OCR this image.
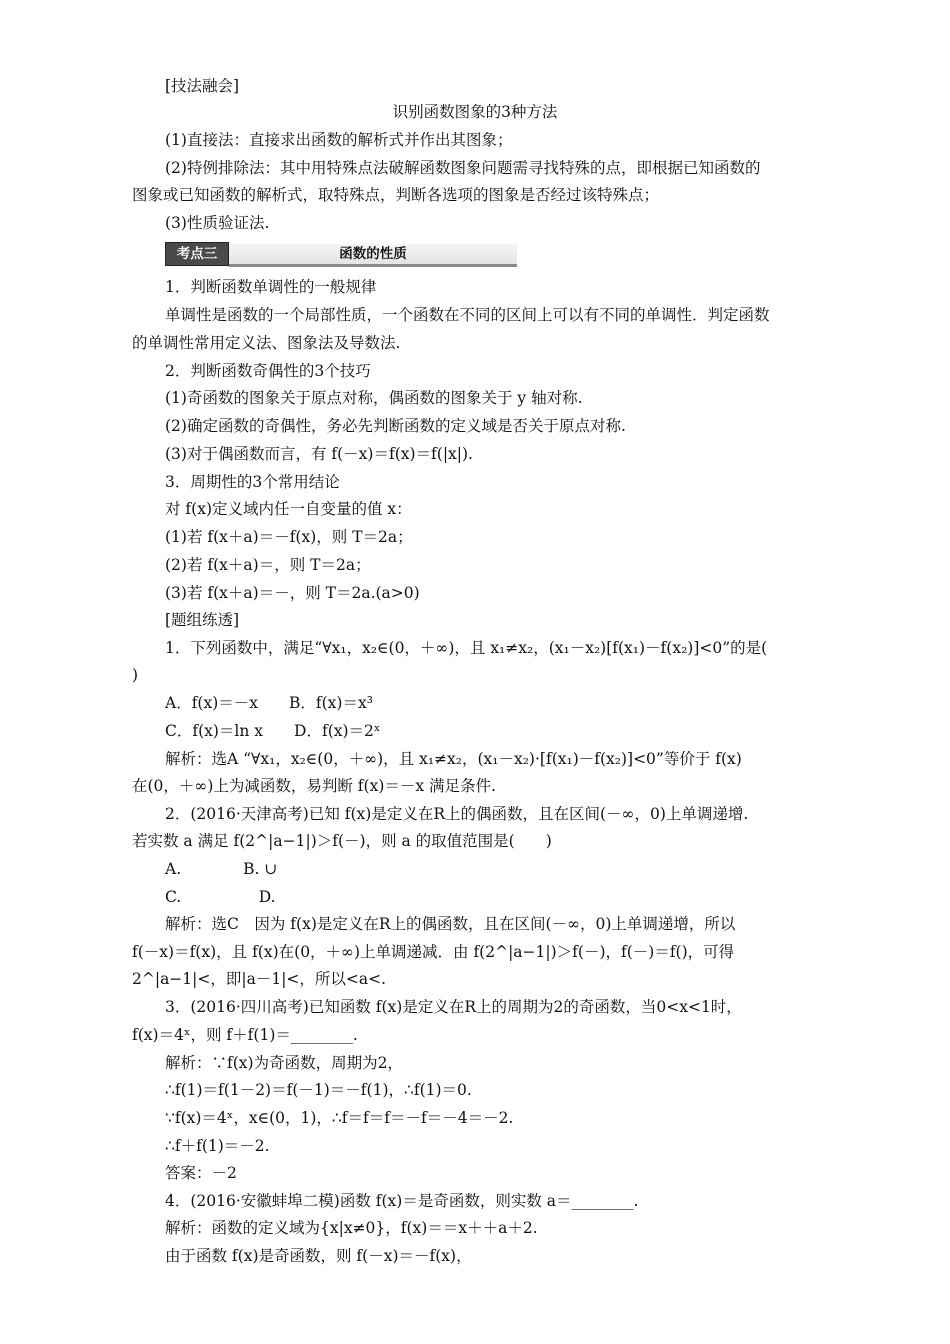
[技法融会]
识别函数图象的3种方法
(1)直接法：直接求出函数的解析式并作出其图象；
(2)特例排除法：其中用特殊点法破解函数图象问题需寻找特殊的点，即根据已知函数的
图象或已知函数的解析式，取特殊点，判断各选项的图象是否经过该特殊点；
(3)性质验证法.
考点三	函数的性质
1．判断函数单调性的一般规律
单调性是函数的一个局部性质，一个函数在不同的区间上可以有不同的单调性．判定函数
的单调性常用定义法、图象法及导数法.
2．判断函数奇偶性的3个技巧
(1)奇函数的图象关于原点对称，偶函数的图象关于 y 轴对称.
(2)确定函数的奇偶性，务必先判断函数的定义域是否关于原点对称.
(3)对于偶函数而言，有 f(－x)＝f(x)＝f(|x|).
3．周期性的3个常用结论
对 f(x)定义域内任一自变量的值 x：
(1)若 f(x＋a)＝－f(x)，则 T＝2a；
(2)若 f(x＋a)＝，则 T＝2a；
(3)若 f(x＋a)＝－，则 T＝2a.(a>0)
[题组练透]
1．下列函数中，满足“∀x₁，x₂∈(0，＋∞)，且 x₁≠x₂，(x₁－x₂)[f(x₁)－f(x₂)]<0”的是(
)
A．f(x)＝－x　　B．f(x)＝x³
C．f(x)＝ln x　　D．f(x)＝2ˣ
解析：选A “∀x₁，x₂∈(0，＋∞)，且 x₁≠x₂，(x₁－x₂)·[f(x₁)－f(x₂)]<0”等价于 f(x)
在(0，＋∞)上为减函数，易判断 f(x)＝－x 满足条件.
2．(2016·天津高考)已知 f(x)是定义在R上的偶函数，且在区间(－∞，0)上单调递增.
若实数 a 满足 f(2^|a−1|)＞f(－)，则 a 的取值范围是(　　)
A.　　　　B. ∪
C.　　　　　D.
解析：选C　因为 f(x)是定义在R上的偶函数，且在区间(－∞，0)上单调递增，所以
f(－x)＝f(x)，且 f(x)在(0，＋∞)上单调递减．由 f(2^|a−1|)＞f(－)，f(－)＝f()，可得
2^|a−1|<，即|a－1|<，所以<a<.
3．(2016·四川高考)已知函数 f(x)是定义在R上的周期为2的奇函数，当0<x<1时，
f(x)＝4ˣ，则 f＋f(1)＝________.
解析：∵f(x)为奇函数，周期为2，
∴f(1)＝f(1－2)＝f(－1)＝－f(1)，∴f(1)＝0.
∵f(x)＝4ˣ，x∈(0，1)，∴f＝f＝f＝－f＝－4＝－2.
∴f＋f(1)＝－2.
答案：－2
4．(2016·安徽蚌埠二模)函数 f(x)＝是奇函数，则实数 a＝________.
解析：函数的定义域为{x|x≠0}，f(x)＝＝x＋＋a＋2.
由于函数 f(x)是奇函数，则 f(－x)＝－f(x)，
